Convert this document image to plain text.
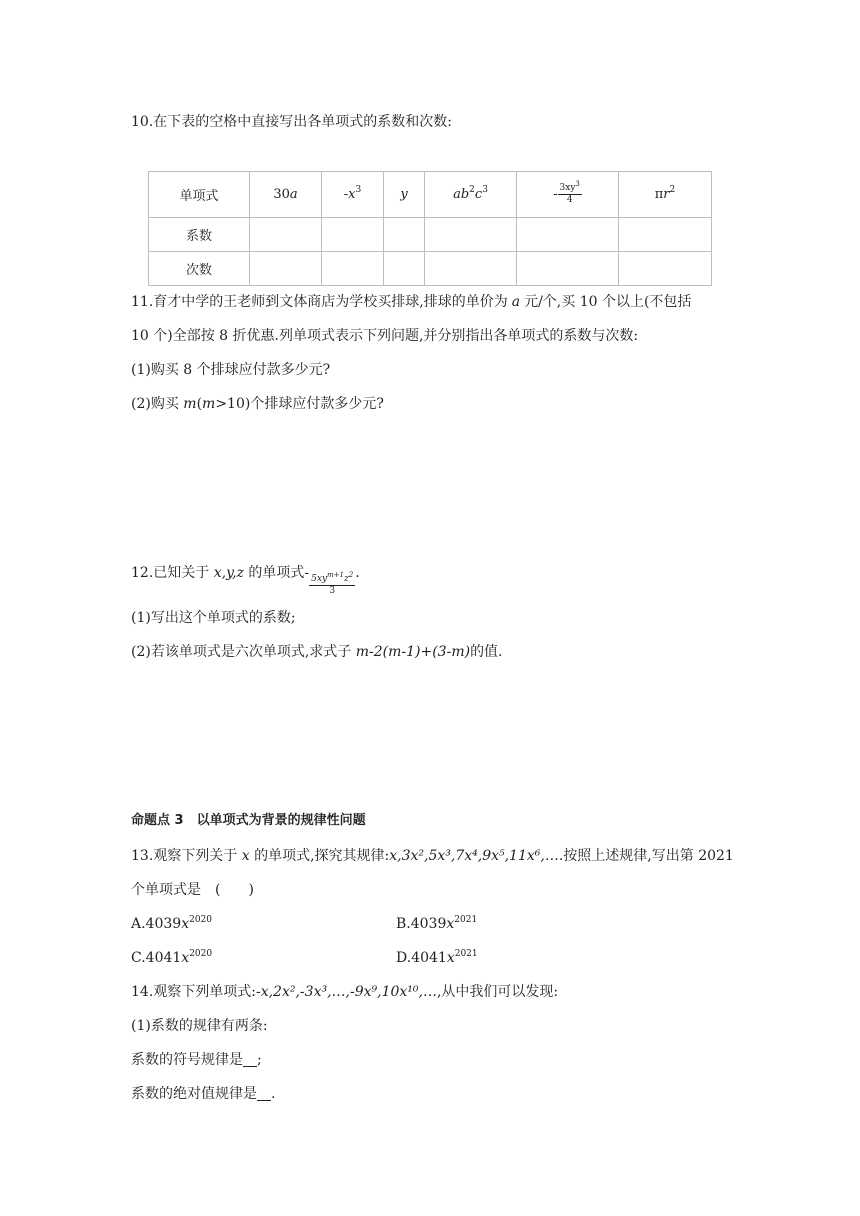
10.在下表的空格中直接写出各单项式的系数和次数:
单项式	30a	$-x^3$	y	$ab^2c^3$	- $\frac{3xy^3}{4}$	$\pi r^2$
系数						
次数						
11.育才中学的王老师到文体商店为学校买排球,排球的单价为 a 元/个,买 10 个以上(不包括
10 个)全部按 8 折优惠.列单项式表示下列问题,并分别指出各单项式的系数与次数:
(1)购买 8 个排球应付款多少元?
(2)购买 m(m>10)个排球应付款多少元?
12.已知关于 x,y,z 的单项式-
$\frac{5xy^{m+1}z^2}{3}$
.
(1)写出这个单项式的系数;
(2)若该单项式是六次单项式,求式子 m-2(m-1)+(3-m)的值.
命题点 3　以单项式为背景的规律性问题
13.观察下列关于 x 的单项式,探究其规律:x,3x²,5x³,7x⁴,9x⁵,11x⁶,….按照上述规律,写出第 2021
个单项式是　(　　)
$A.4039x^{2020}$	$B.4039x^{2021}$
$C.4041x^{2020}$	$D.4041x^{2021}$
14.观察下列单项式:-x,2x²,-3x³,…,-9x⁹,10x¹⁰,…,从中我们可以发现:
(1)系数的规律有两条:
系数的符号规律是 ;
系数的绝对值规律是 .
